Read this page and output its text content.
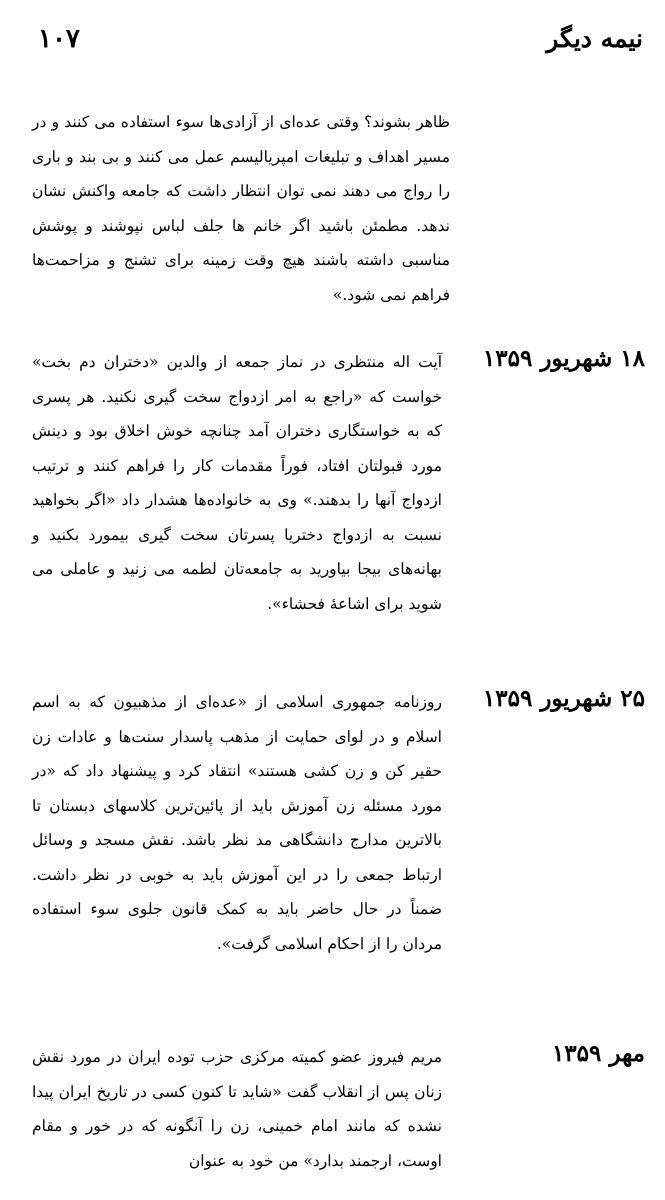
نیمه دیگر
۱۰۷

ظاهر بشوند؟ وقتی عده‌ای از آزادی‌ها سوء استفاده می کنند و در مسیر اهداف و تبلیغات امپریالیسم عمل می کنند و بی بند و باری را رواج می دهند نمی توان انتظار داشت که جامعه واکنش نشان ندهد. مطمئن باشید اگر خانم ها جلف لباس نپوشند و پوشش مناسبی داشته باشند هیچ وقت زمینه برای تشنج و مزاحمت‌ها فراهم نمی شود.»

۱۸ شهریور ۱۳۵۹

آیت اله منتظری در نماز جمعه از والدین «دختران دم بخت» خواست که «راجع به امر ازدواج سخت گیری نکنید. هر پسری که به خواستگاری دختران آمد چنانچه خوش اخلاق بود و دینش مورد قبولتان افتاد، فوراً مقدمات کار را فراهم کنند و ترتیب ازدواج آنها را بدهند.» وی به خانواده‌ها هشدار داد «اگر بخواهید نسبت به ازدواج دختریا پسرتان سخت گیری بیمورد بکنید و بهانه‌های بیجا بیاورید به جامعه‌تان لطمه می زنید و عاملی می شوید برای اشاعهٔ فحشاء».

۲۵ شهریور ۱۳۵۹

روزنامه جمهوری اسلامی از «عده‌ای از مذهبیون که به اسم اسلام و در لوای حمایت از مذهب پاسدار سنت‌ها و عادات زن حقیر کن و زن کشی هستند» انتقاد کرد و پیشنهاد داد که «در مورد مسئله زن آموزش باید از پائین‌ترین کلاسهای دبستان تا بالاترین مدارج دانشگاهی مد نظر باشد. نقش مسجد و وسائل ارتباط جمعی را در این آموزش باید به خوبی در نظر داشت. ضمناً در حال حاضر باید به کمک قانون جلوی سوء استفاده مردان را از احکام اسلامی گرفت».

مهر ۱۳۵۹

مریم فیروز عضو کمیته مرکزی حزب توده ایران در مورد نقش زنان پس از انقلاب گفت «شاید تا کنون کسی در تاریخ ایران پیدا نشده که مانند امام خمینی، زن را آنگونه که در خور و مقام اوست، ارجمند بدارد» من خود به عنوان
